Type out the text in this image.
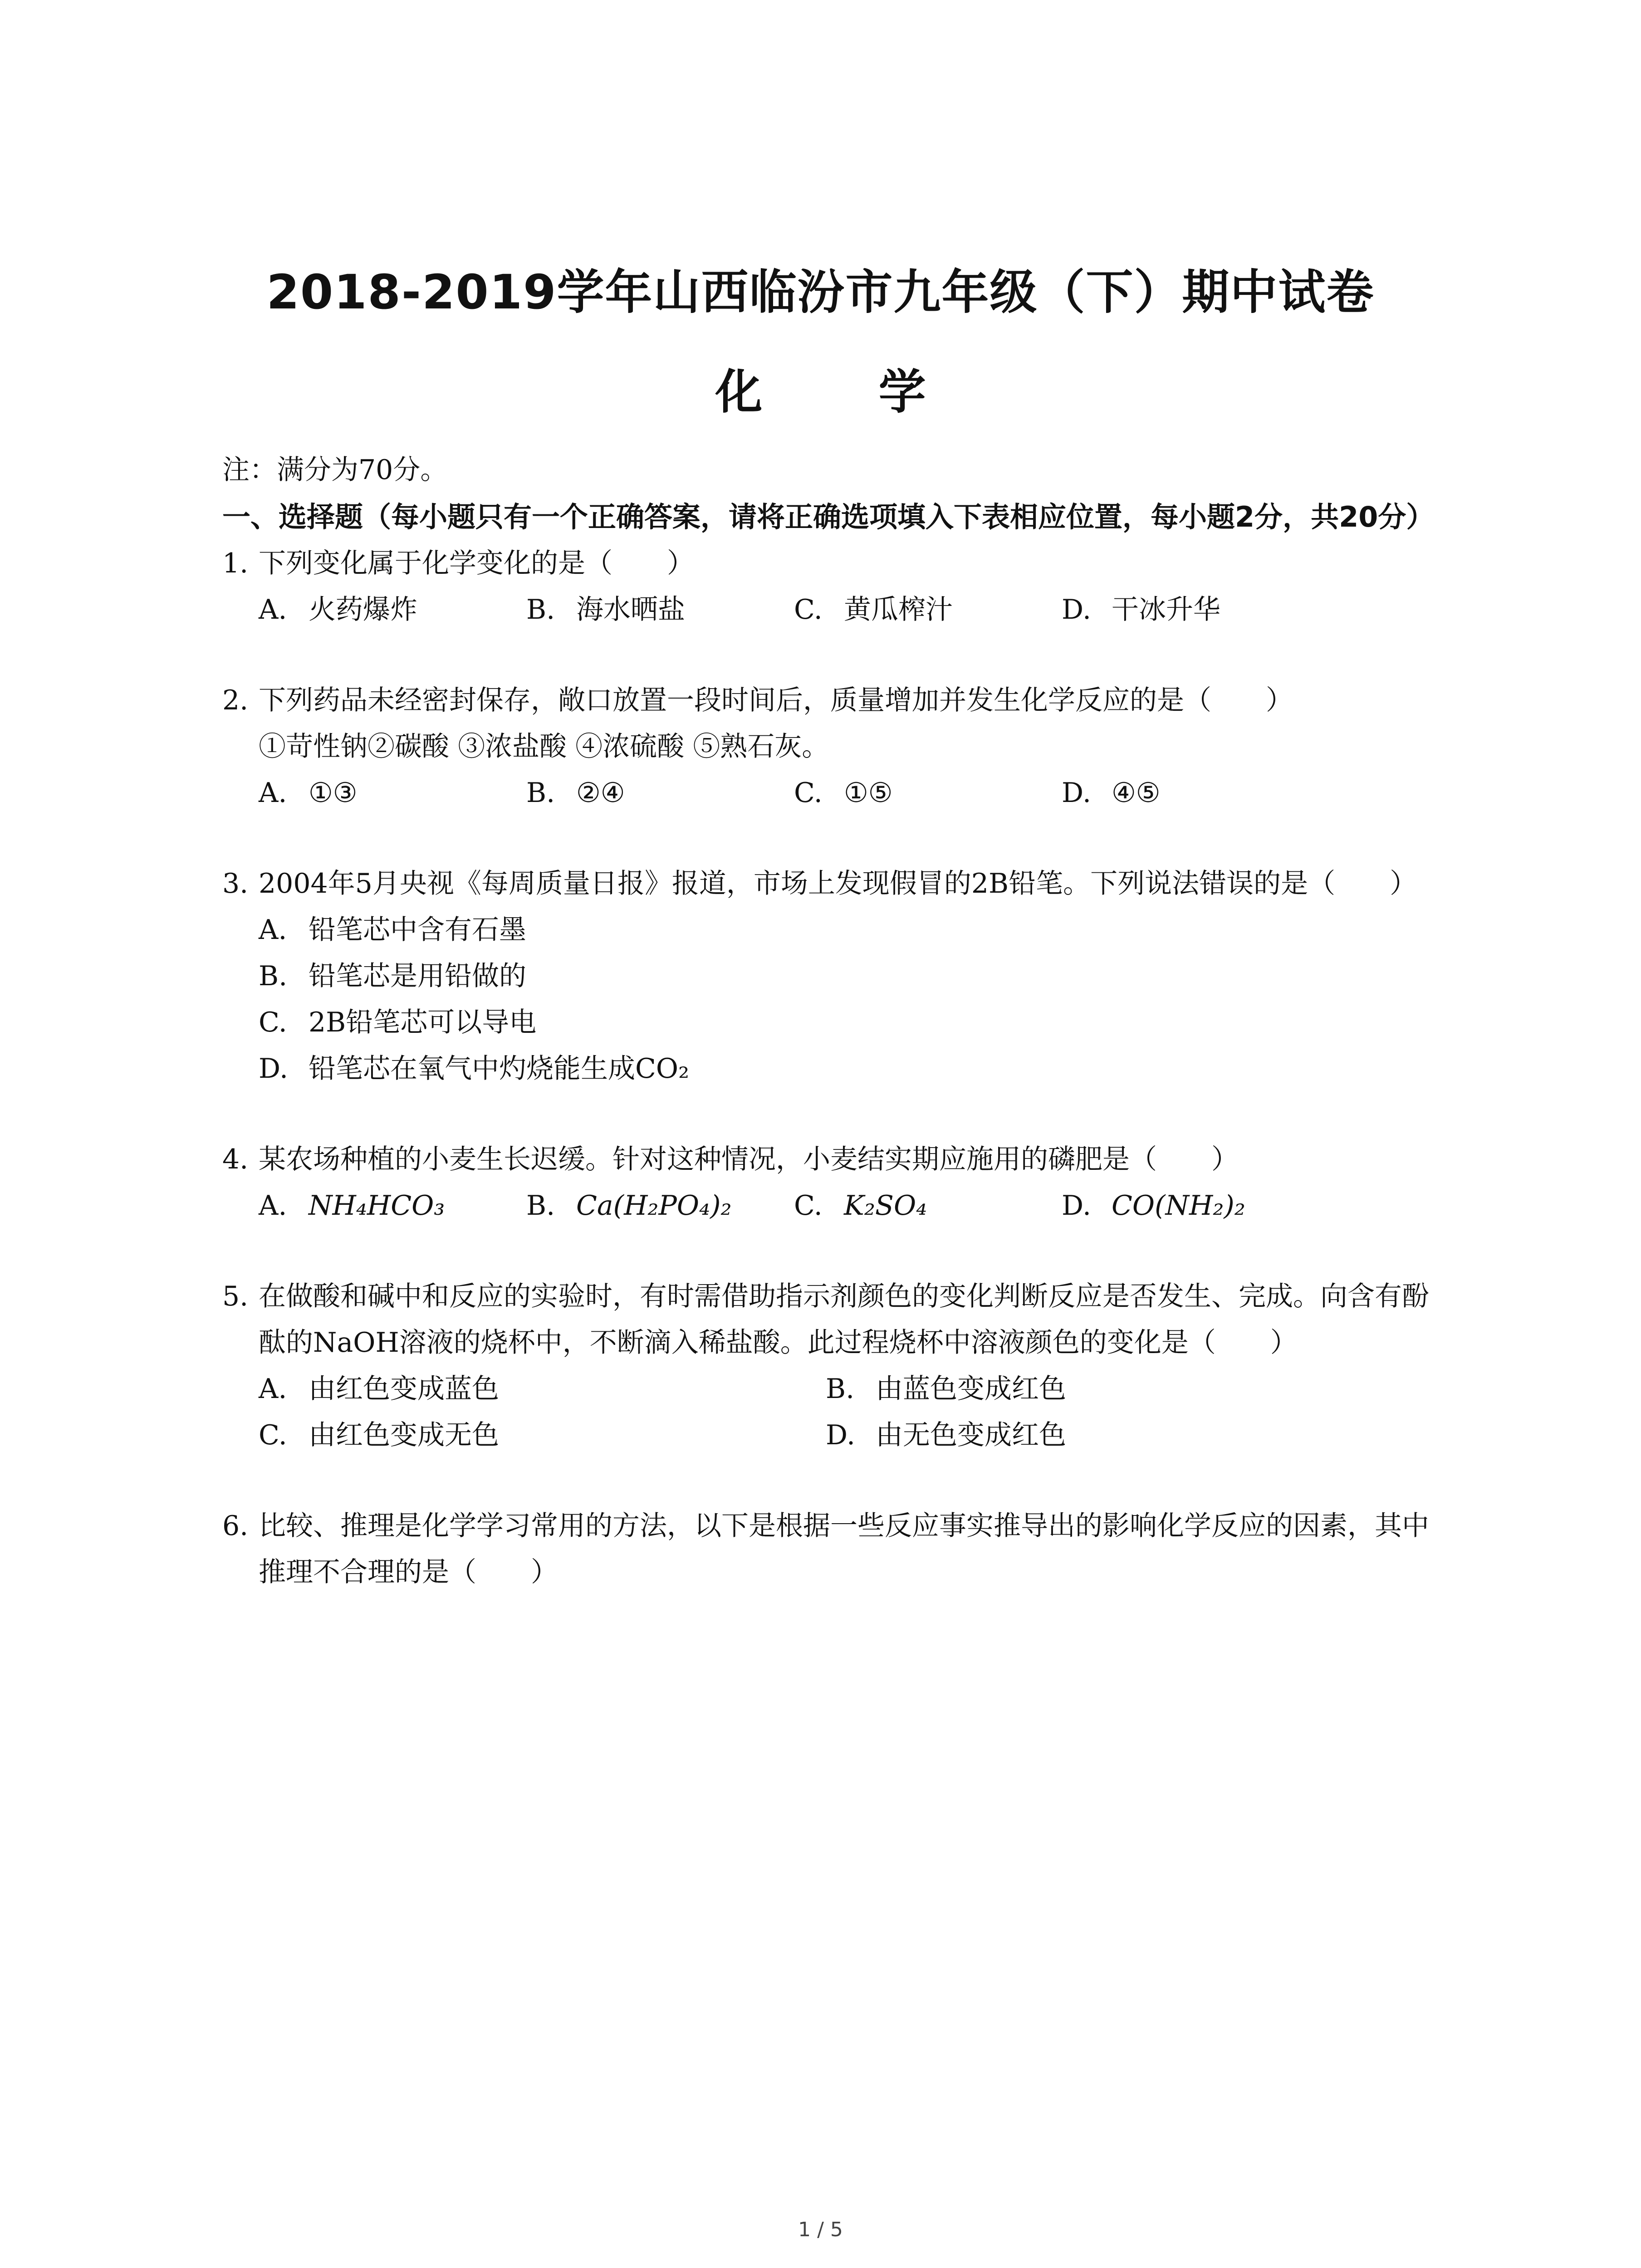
2018-2019学年山西临汾市九年级（下）期中试卷
化 学
注：满分为70分。
一、选择题（每小题只有一个正确答案，请将正确选项填入下表相应位置，每小题2分，共20分）
1. 下列变化属于化学变化的是（　　）
A. 火药爆炸	B. 海水晒盐	C. 黄瓜榨汁	D. 干冰升华
2. 下列药品未经密封保存，敞口放置一段时间后，质量增加并发生化学反应的是（　　）
①苛性钠②碳酸 ③浓盐酸 ④浓硫酸 ⑤熟石灰。
A. ①③	B. ②④	C. ①⑤	D. ④⑤
3. 2004年5月央视《每周质量日报》报道，市场上发现假冒的2B铅笔。下列说法错误的是（　　）
A. 铅笔芯中含有石墨
B. 铅笔芯是用铅做的
C. 2B铅笔芯可以导电
D. 铅笔芯在氧气中灼烧能生成CO₂
4. 某农场种植的小麦生长迟缓。针对这种情况，小麦结实期应施用的磷肥是（　　）
A. NH₄HCO₃	B. Ca(H₂PO₄)₂	C. K₂SO₄	D. CO(NH₂)₂
5. 在做酸和碱中和反应的实验时，有时需借助指示剂颜色的变化判断反应是否发生、完成。向含有酚酞的NaOH溶液的烧杯中，不断滴入稀盐酸。此过程烧杯中溶液颜色的变化是（　　）
A. 由红色变成蓝色	B. 由蓝色变成红色
C. 由红色变成无色	D. 由无色变成红色
6. 比较、推理是化学学习常用的方法，以下是根据一些反应事实推导出的影响化学反应的因素，其中推理不合理的是（　　）
1 / 5
